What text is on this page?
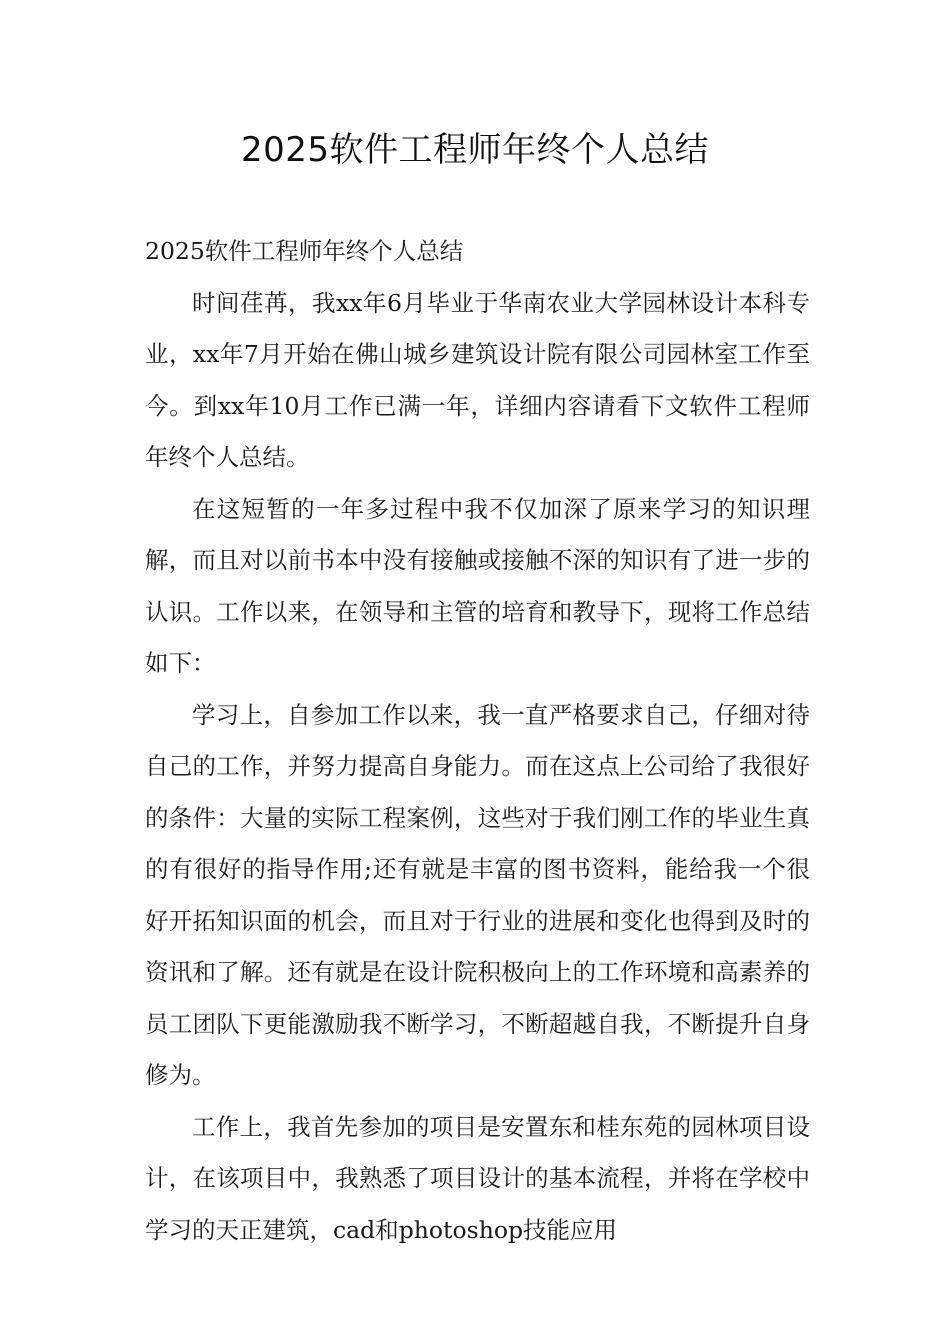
2025软件工程师年终个人总结

2025软件工程师年终个人总结

时间荏苒，我xx年6月毕业于华南农业大学园林设计本科专业，xx年7月开始在佛山城乡建筑设计院有限公司园林室工作至今。到xx年10月工作已满一年，详细内容请看下文软件工程师年终个人总结。

在这短暂的一年多过程中我不仅加深了原来学习的知识理解，而且对以前书本中没有接触或接触不深的知识有了进一步的认识。工作以来，在领导和主管的培育和教导下，现将工作总结如下：

学习上，自参加工作以来，我一直严格要求自己，仔细对待自己的工作，并努力提高自身能力。而在这点上公司给了我很好的条件：大量的实际工程案例，这些对于我们刚工作的毕业生真的有很好的指导作用;还有就是丰富的图书资料，能给我一个很好开拓知识面的机会，而且对于行业的进展和变化也得到及时的资讯和了解。还有就是在设计院积极向上的工作环境和高素养的员工团队下更能激励我不断学习，不断超越自我，不断提升自身修为。

工作上，我首先参加的项目是安置东和桂东苑的园林项目设计，在该项目中，我熟悉了项目设计的基本流程，并将在学校中学习的天正建筑，cad和photoshop技能应用
